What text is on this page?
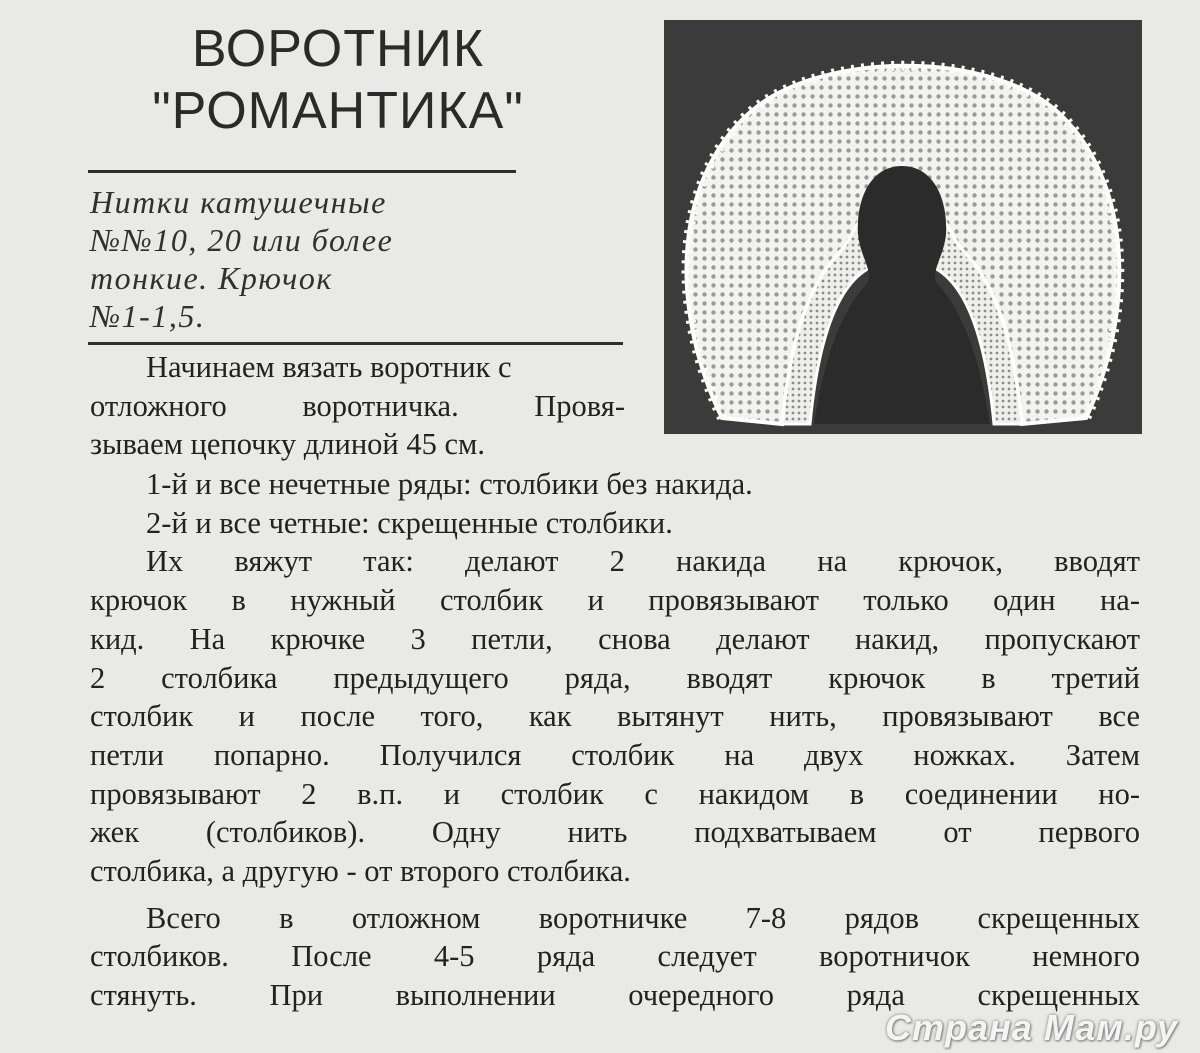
ВОРОТНИК
"РОМАНТИКА"
Нитки катушечные
№№10, 20 или более
тонкие. Крючок
№1-1,5.
Начинаем вязать воротник с
отложного воротничка. Провя-
зываем цепочку длиной 45 см.
1-й и все нечетные ряды: столбики без накида.
2-й и все четные: скрещенные столбики.
Их вяжут так: делают 2 накида на крючок, вводят
крючок в нужный столбик и провязывают только один на-
кид. На крючке 3 петли, снова делают накид, пропускают
2 столбика предыдущего ряда, вводят крючок в третий
столбик и после того, как вытянут нить, провязывают все
петли попарно. Получился столбик на двух ножках. Затем
провязывают 2 в.п. и столбик с накидом в соединении но-
жек (столбиков). Одну нить подхватываем от первого
столбика, а другую - от второго столбика.
Всего в отложном воротничке 7-8 рядов скрещенных
столбиков. После 4-5 ряда следует воротничок немного
стянуть. При выполнении очередного ряда скрещенных
Страна Мам.ру
